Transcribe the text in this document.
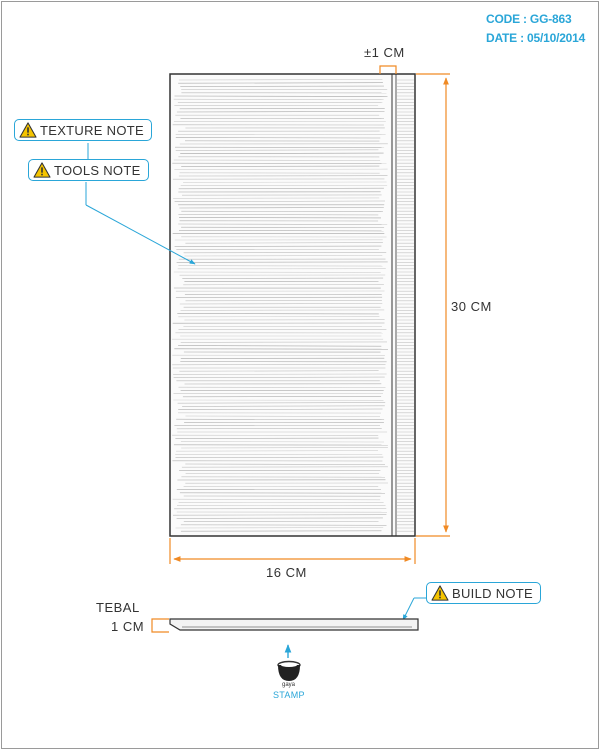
CODE : GG-863
DATE : 05/10/2014
±1 CM
30 CM
16 CM
TEBAL
1 CM
TEXTURE NOTE
TOOLS NOTE
BUILD NOTE
gaya
STAMP
